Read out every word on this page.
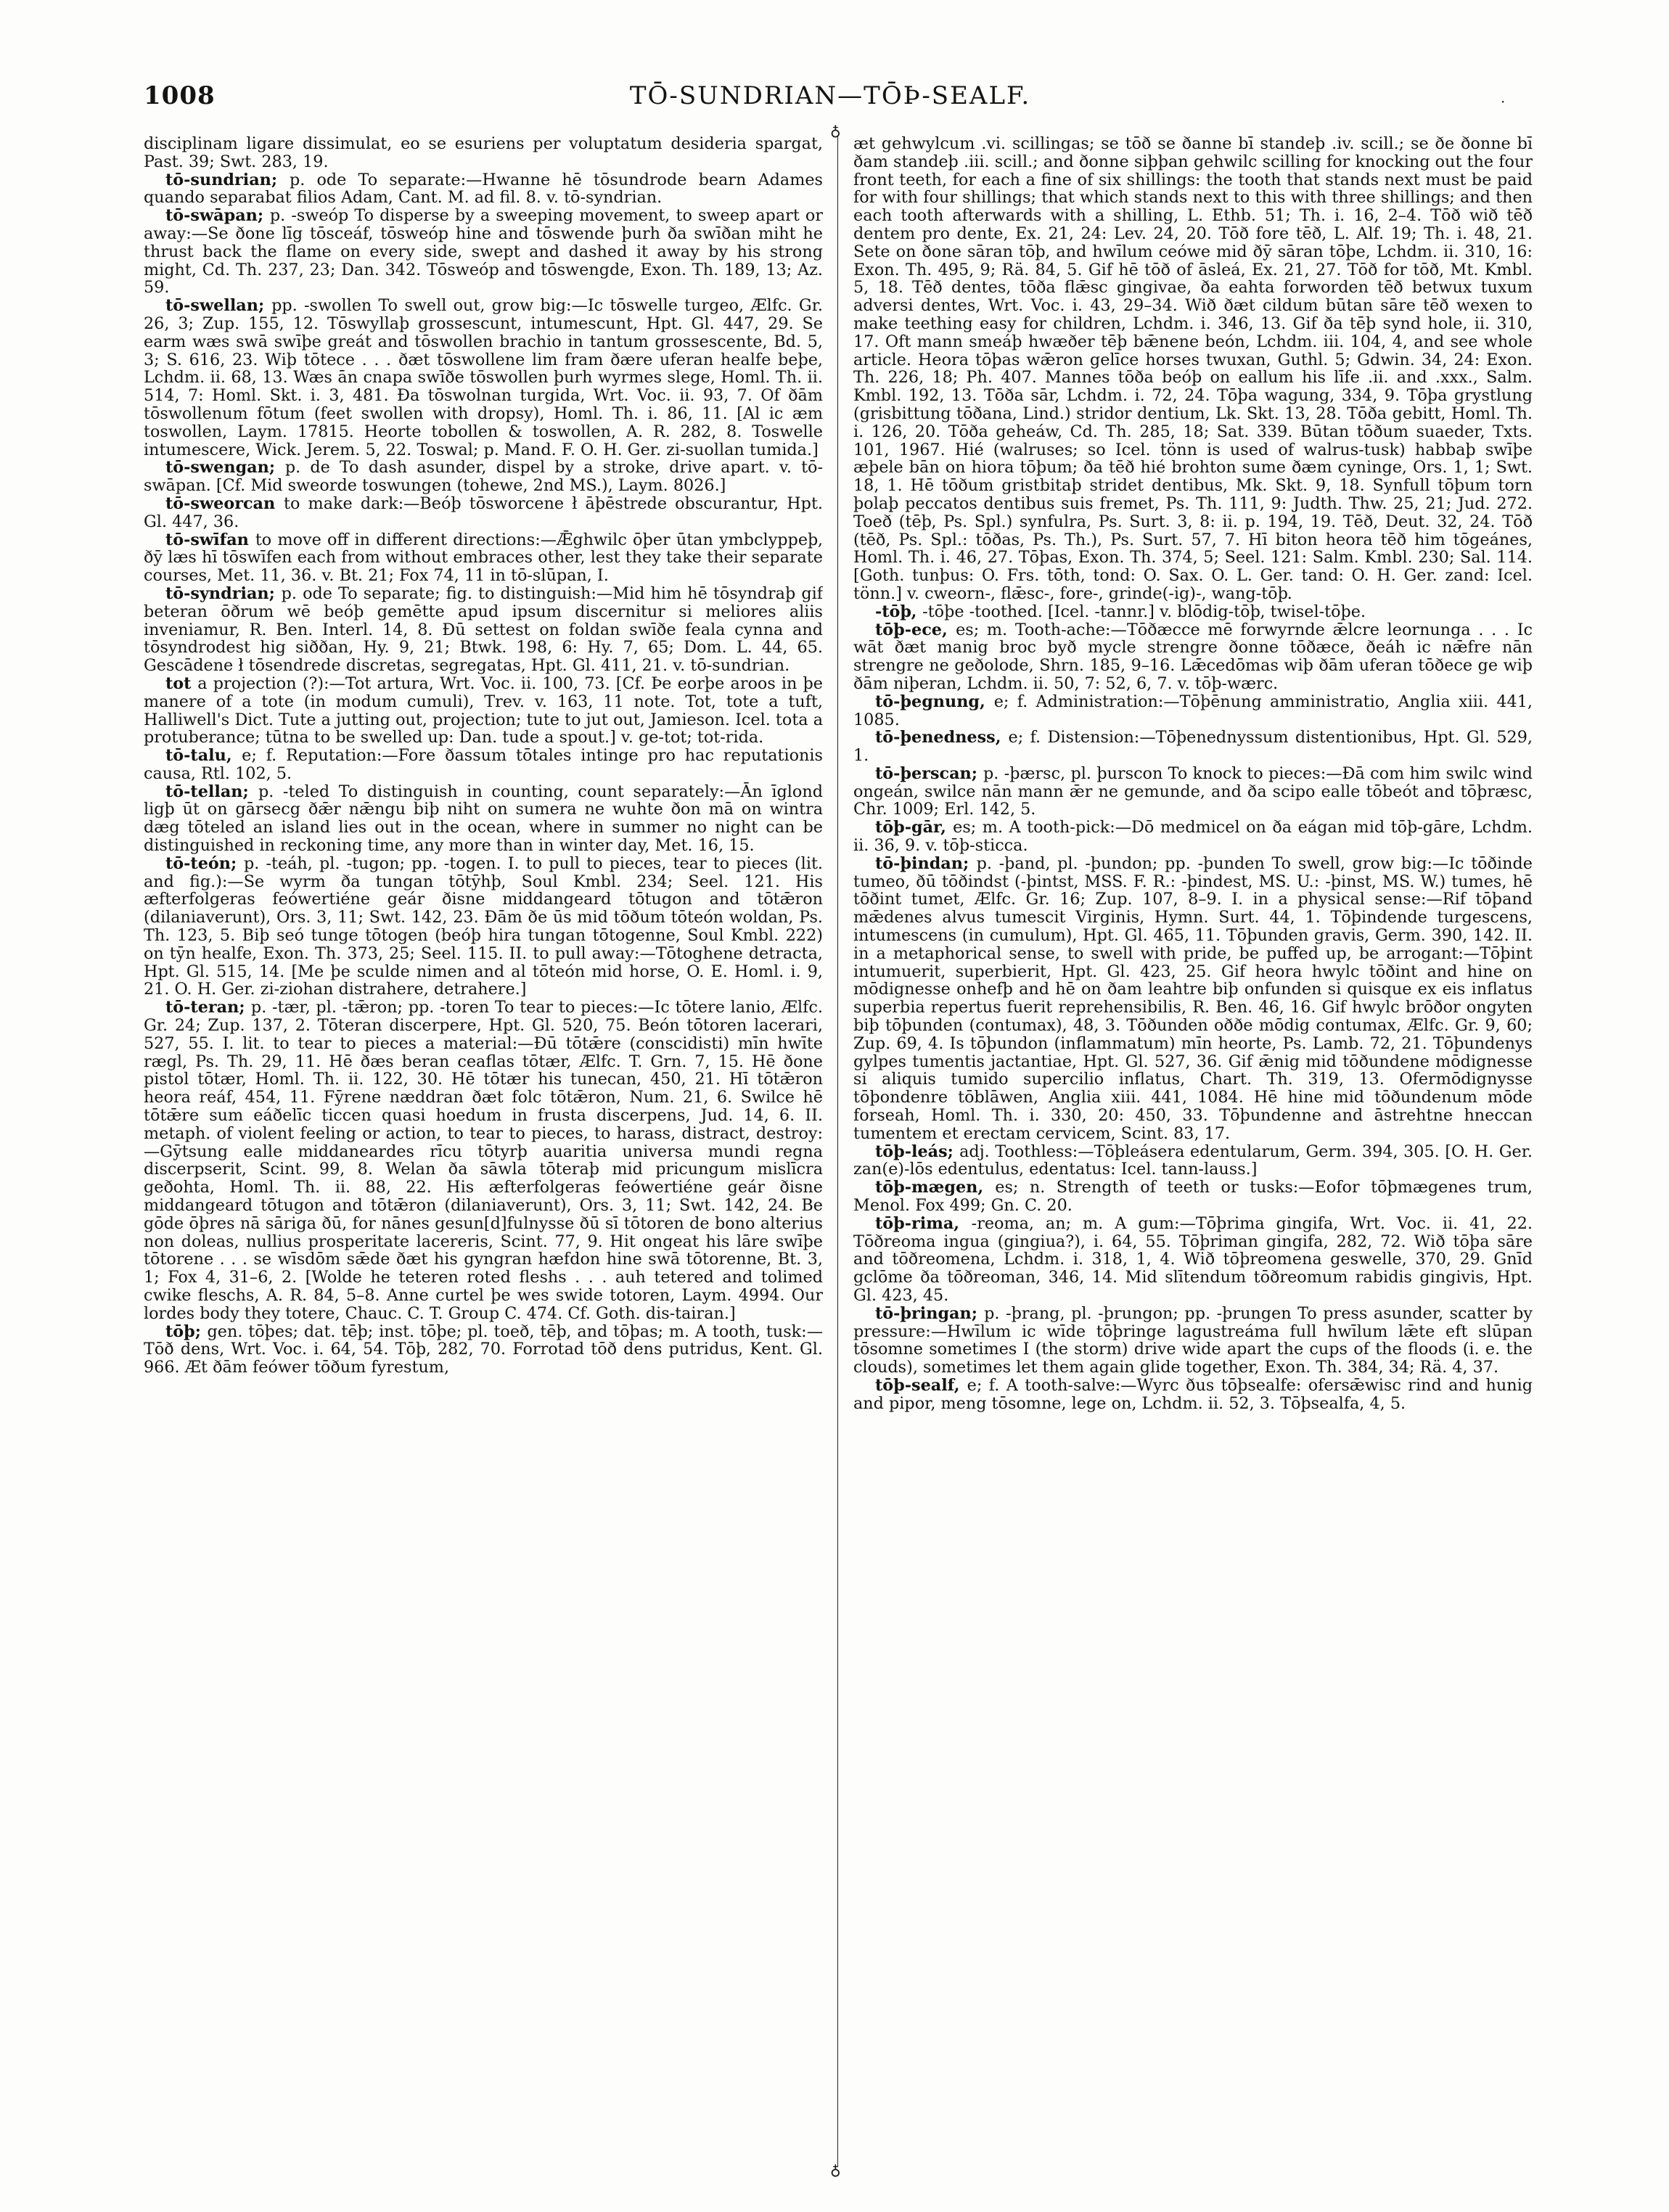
TŌ-SUNDRIAN—TŌÞ-SEALF.
1008	·
♁
♁

disciplinam ligare dissimulat, eo se esuriens per voluptatum desideria spargat, Past. 39; Swt. 283, 19.

tō-sundrian; p. ode To separate:—Hwanne hē tōsundrode bearn Adames quando separabat filios Adam, Cant. M. ad fil. 8. v. tō-syndrian.

tō-swāpan; p. -sweóp To disperse by a sweeping movement, to sweep apart or away:—Se ðone līg tōsceáf, tōsweóp hine and tōswende þurh ða swīðan miht he thrust back the flame on every side, swept and dashed it away by his strong might, Cd. Th. 237, 23; Dan. 342. Tōsweóp and tōswengde, Exon. Th. 189, 13; Az. 59.

tō-swellan; pp. -swollen To swell out, grow big:—Ic tōswelle turgeo, Ælfc. Gr. 26, 3; Zup. 155, 12. Tōswyllaþ grossescunt, intumescunt, Hpt. Gl. 447, 29. Se earm wæs swā swīþe greát and tōswollen brachio in tantum grossescente, Bd. 5, 3; S. 616, 23. Wiþ tōtece . . . ðæt tōswollene lim fram ðære uferan healfe beþe, Lchdm. ii. 68, 13. Wæs ān cnapa swīðe tōswollen þurh wyrmes slege, Homl. Th. ii. 514, 7: Homl. Skt. i. 3, 481. Ða tōswolnan turgida, Wrt. Voc. ii. 93, 7. Of ðām tōswollenum fōtum (feet swollen with dropsy), Homl. Th. i. 86, 11. [Al ic æm toswollen, Laym. 17815. Heorte tobollen & toswollen, A. R. 282, 8. Toswelle intumescere, Wick. Jerem. 5, 22. Toswal; p. Mand. F. O. H. Ger. zi-suollan tumida.]

tō-swengan; p. de To dash asunder, dispel by a stroke, drive apart. v. tō-swāpan. [Cf. Mid sweorde toswungen (tohewe, 2nd MS.), Laym. 8026.]

tō-sweorcan to make dark:—Beóþ tōsworcene ł āþēstrede obscurantur, Hpt. Gl. 447, 36.

tō-swīfan to move off in different directions:—Ǣghwilc ōþer ūtan ymbclyppeþ, ðȳ læs hī tōswīfen each from without embraces other, lest they take their separate courses, Met. 11, 36. v. Bt. 21; Fox 74, 11 in tō-slūpan, I.

tō-syndrian; p. ode To separate; fig. to distinguish:—Mid him hē tōsyndraþ gif beteran ōðrum wē beóþ gemētte apud ipsum discernitur si meliores aliis inveniamur, R. Ben. Interl. 14, 8. Ðū settest on foldan swīðe feala cynna and tōsyndrodest hig siððan, Hy. 9, 21; Btwk. 198, 6: Hy. 7, 65; Dom. L. 44, 65. Gescādene ł tōsendrede discretas, segregatas, Hpt. Gl. 411, 21. v. tō-sundrian.

tot a projection (?):—Tot artura, Wrt. Voc. ii. 100, 73. [Cf. Þe eorþe aroos in þe manere of a tote (in modum cumuli), Trev. v. 163, 11 note. Tot, tote a tuft, Halliwell's Dict. Tute a jutting out, projection; tute to jut out, Jamieson. Icel. tota a protuberance; tūtna to be swelled up: Dan. tude a spout.] v. ge-tot; tot-rida.

tō-talu, e; f. Reputation:—Fore ðassum tōtales intinge pro hac reputationis causa, Rtl. 102, 5.

tō-tellan; p. -teled To distinguish in counting, count separately:—Ān īglond ligþ ūt on gārsecg ðǣr nǣngu biþ niht on sumera ne wuhte ðon mā on wintra dæg tōteled an island lies out in the ocean, where in summer no night can be distinguished in reckoning time, any more than in winter day, Met. 16, 15.

tō-teón; p. -teáh, pl. -tugon; pp. -togen. I. to pull to pieces, tear to pieces (lit. and fig.):—Se wyrm ða tungan tōtȳhþ, Soul Kmbl. 234; Seel. 121. His æfterfolgeras feówertiéne geár ðisne middangeard tōtugon and tōtǣron (dilaniaverunt), Ors. 3, 11; Swt. 142, 23. Ðām ðe ūs mid tōðum tōteón woldan, Ps. Th. 123, 5. Biþ seó tunge tōtogen (beóþ hira tungan tōtogenne, Soul Kmbl. 222) on tȳn healfe, Exon. Th. 373, 25; Seel. 115. II. to pull away:—Tōtoghene detracta, Hpt. Gl. 515, 14. [Me þe sculde nimen and al tōteón mid horse, O. E. Homl. i. 9, 21. O. H. Ger. zi-ziohan distrahere, detrahere.]

tō-teran; p. -tær, pl. -tǣron; pp. -toren To tear to pieces:—Ic tōtere lanio, Ælfc. Gr. 24; Zup. 137, 2. Tōteran discerpere, Hpt. Gl. 520, 75. Beón tōtoren lacerari, 527, 55. I. lit. to tear to pieces a material:—Ðū tōtǣre (conscidisti) mīn hwīte rægl, Ps. Th. 29, 11. Hē ðæs beran ceaflas tōtær, Ælfc. T. Grn. 7, 15. Hē ðone pistol tōtær, Homl. Th. ii. 122, 30. Hē tōtær his tunecan, 450, 21. Hī tōtǣron heora reáf, 454, 11. Fȳrene næddran ðæt folc tōtǣron, Num. 21, 6. Swilce hē tōtǣre sum eáðelīc ticcen quasi hoedum in frusta discerpens, Jud. 14, 6. II. metaph. of violent feeling or action, to tear to pieces, to harass, distract, destroy:—Gȳtsung ealle middaneardes rīcu tōtyrþ auaritia universa mundi regna discerpserit, Scint. 99, 8. Welan ða sāwla tōteraþ mid pricungum mislīcra geðohta, Homl. Th. ii. 88, 22. His æfterfolgeras feówertiéne geár ðisne middangeard tōtugon and tōtǣron (dilaniaverunt), Ors. 3, 11; Swt. 142, 24. Be gōde ōþres nā sāriga ðū, for nānes gesun[d]fulnysse ðū sī tōtoren de bono alterius non doleas, nullius prosperitate lacereris, Scint. 77, 9. Hit ongeat his lāre swīþe tōtorene . . . se wīsdōm sǣde ðæt his gyngran hæfdon hine swā tōtorenne, Bt. 3, 1; Fox 4, 31–6, 2. [Wolde he teteren roted fleshs . . . auh tetered and tolimed cwike fleschs, A. R. 84, 5–8. Anne curtel þe wes swide totoren, Laym. 4994. Our lordes body they totere, Chauc. C. T. Group C. 474. Cf. Goth. dis-tairan.]

tōþ; gen. tōþes; dat. tēþ; inst. tōþe; pl. toeð, tēþ, and tōþas; m. A tooth, tusk:—Tōð dens, Wrt. Voc. i. 64, 54. Tōþ, 282, 70. Forrotad tōð dens putridus, Kent. Gl. 966. Æt ðām feówer tōðum fyrestum,

æt gehwylcum .vi. scillingas; se tōð se ðanne bī standeþ .iv. scill.; se ðe ðonne bī ðam standeþ .iii. scill.; and ðonne siþþan gehwilc scilling for knocking out the four front teeth, for each a fine of six shillings: the tooth that stands next must be paid for with four shillings; that which stands next to this with three shillings; and then each tooth afterwards with a shilling, L. Ethb. 51; Th. i. 16, 2–4. Tōð wið tēð dentem pro dente, Ex. 21, 24: Lev. 24, 20. Tōð fore tēð, L. Alf. 19; Th. i. 48, 21. Sete on ðone sāran tōþ, and hwīlum ceówe mid ðȳ sāran tōþe, Lchdm. ii. 310, 16: Exon. Th. 495, 9; Rä. 84, 5. Gif hē tōð of āsleá, Ex. 21, 27. Tōð for tōð, Mt. Kmbl. 5, 18. Tēð dentes, tōða flǣsc gingivae, ða eahta forworden tēð betwux tuxum adversi dentes, Wrt. Voc. i. 43, 29–34. Wið ðæt cildum būtan sāre tēð wexen to make teething easy for children, Lchdm. i. 346, 13. Gif ða tēþ synd hole, ii. 310, 17. Oft mann smeáþ hwæðer tēþ bǣnene beón, Lchdm. iii. 104, 4, and see whole article. Heora tōþas wǣron gelīce horses twuxan, Guthl. 5; Gdwin. 34, 24: Exon. Th. 226, 18; Ph. 407. Mannes tōða beóþ on eallum his līfe .ii. and .xxx., Salm. Kmbl. 192, 13. Tōða sār, Lchdm. i. 72, 24. Tōþa wagung, 334, 9. Tōþa grystlung (grisbittung tōðana, Lind.) stridor dentium, Lk. Skt. 13, 28. Tōða gebitt, Homl. Th. i. 126, 20. Tōða geheáw, Cd. Th. 285, 18; Sat. 339. Būtan tōðum suaeder, Txts. 101, 1967. Hié (walruses; so Icel. tönn is used of walrus-tusk) habbaþ swīþe æþele bān on hiora tōþum; ða tēð hié brohton sume ðæm cyninge, Ors. 1, 1; Swt. 18, 1. Hē tōðum gristbitaþ stridet dentibus, Mk. Skt. 9, 18. Synfull tōþum torn þolaþ peccatos dentibus suis fremet, Ps. Th. 111, 9: Judth. Thw. 25, 21; Jud. 272. Toeð (tēþ, Ps. Spl.) synfulra, Ps. Surt. 3, 8: ii. p. 194, 19. Tēð, Deut. 32, 24. Tōð (tēð, Ps. Spl.: tōðas, Ps. Th.), Ps. Surt. 57, 7. Hī biton heora tēð him tōgeánes, Homl. Th. i. 46, 27. Tōþas, Exon. Th. 374, 5; Seel. 121: Salm. Kmbl. 230; Sal. 114. [Goth. tunþus: O. Frs. tōth, tond: O. Sax. O. L. Ger. tand: O. H. Ger. zand: Icel. tönn.] v. cweorn-, flǣsc-, fore-, grinde(-ig)-, wang-tōþ.

-tōþ, -tōþe -toothed. [Icel. -tannr.] v. blōdig-tōþ, twisel-tōþe.

tōþ-ece, es; m. Tooth-ache:—Tōðæcce mē forwyrnde ǣlcre leornunga . . . Ic wāt ðæt manig broc byð mycle strengre ðonne tōðæce, ðeáh ic nǣfre nān strengre ne geðolode, Shrn. 185, 9–16. Lǣcedōmas wiþ ðām uferan tōðece ge wiþ ðām niþeran, Lchdm. ii. 50, 7: 52, 6, 7. v. tōþ-wærc.

tō-þegnung, e; f. Administration:—Tōþēnung amministratio, Anglia xiii. 441, 1085.

tō-þenedness, e; f. Distension:—Tōþenednyssum distentionibus, Hpt. Gl. 529, 1.

tō-þerscan; p. -þærsc, pl. þurscon To knock to pieces:—Ðā com him swilc wind ongeán, swilce nān mann ǣr ne gemunde, and ða scipo ealle tōbeót and tōþræsc, Chr. 1009; Erl. 142, 5.

tōþ-gār, es; m. A tooth-pick:—Dō medmicel on ða eágan mid tōþ-gāre, Lchdm. ii. 36, 9. v. tōþ-sticca.

tō-þindan; p. -þand, pl. -þundon; pp. -þunden To swell, grow big:—Ic tōðinde tumeo, ðū tōðindst (-þintst, MSS. F. R.: -þindest, MS. U.: -þinst, MS. W.) tumes, hē tōðint tumet, Ælfc. Gr. 16; Zup. 107, 8–9. I. in a physical sense:—Rif tōþand mǣdenes alvus tumescit Virginis, Hymn. Surt. 44, 1. Tōþindende turgescens, intumescens (in cumulum), Hpt. Gl. 465, 11. Tōþunden gravis, Germ. 390, 142. II. in a metaphorical sense, to swell with pride, be puffed up, be arrogant:—Tōþint intumuerit, superbierit, Hpt. Gl. 423, 25. Gif heora hwylc tōðint and hine on mōdignesse onhefþ and hē on ðam leahtre biþ onfunden si quisque ex eis inflatus superbia repertus fuerit reprehensibilis, R. Ben. 46, 16. Gif hwylc brōðor ongyten biþ tōþunden (contumax), 48, 3. Tōðunden oððe mōdig contumax, Ælfc. Gr. 9, 60; Zup. 69, 4. Is tōþundon (inflammatum) mīn heorte, Ps. Lamb. 72, 21. Tōþundenys gylpes tumentis jactantiae, Hpt. Gl. 527, 36. Gif ǣnig mid tōðundene mōdignesse si aliquis tumido supercilio inflatus, Chart. Th. 319, 13. Ofermōdignysse tōþondenre tōblāwen, Anglia xiii. 441, 1084. Hē hine mid tōðundenum mōde forseah, Homl. Th. i. 330, 20: 450, 33. Tōþundenne and āstrehtne hneccan tumentem et erectam cervicem, Scint. 83, 17.

tōþ-leás; adj. Toothless:—Tōþleásera edentularum, Germ. 394, 305. [O. H. Ger. zan(e)-lōs edentulus, edentatus: Icel. tann-lauss.]

tōþ-mægen, es; n. Strength of teeth or tusks:—Eofor tōþmægenes trum, Menol. Fox 499; Gn. C. 20.

tōþ-rima, -reoma, an; m. A gum:—Tōþrima gingifa, Wrt. Voc. ii. 41, 22. Tōðreoma ingua (gingiua?), i. 64, 55. Tōþriman gingifa, 282, 72. Wið tōþa sāre and tōðreomena, Lchdm. i. 318, 1, 4. Wið tōþreomena geswelle, 370, 29. Gnīd gclōme ða tōðreoman, 346, 14. Mid slītendum tōðreomum rabidis gingivis, Hpt. Gl. 423, 45.

tō-þringan; p. -þrang, pl. -þrungon; pp. -þrungen To press asunder, scatter by pressure:—Hwīlum ic wīde tōþringe lagustreáma full hwīlum lǣte eft slūpan tōsomne sometimes I (the storm) drive wide apart the cups of the floods (i. e. the clouds), sometimes let them again glide together, Exon. Th. 384, 34; Rä. 4, 37.

tōþ-sealf, e; f. A tooth-salve:—Wyrc ðus tōþsealfe: ofersǣwisc rind and hunig and pipor, meng tōsomne, lege on, Lchdm. ii. 52, 3. Tōþsealfa, 4, 5.
